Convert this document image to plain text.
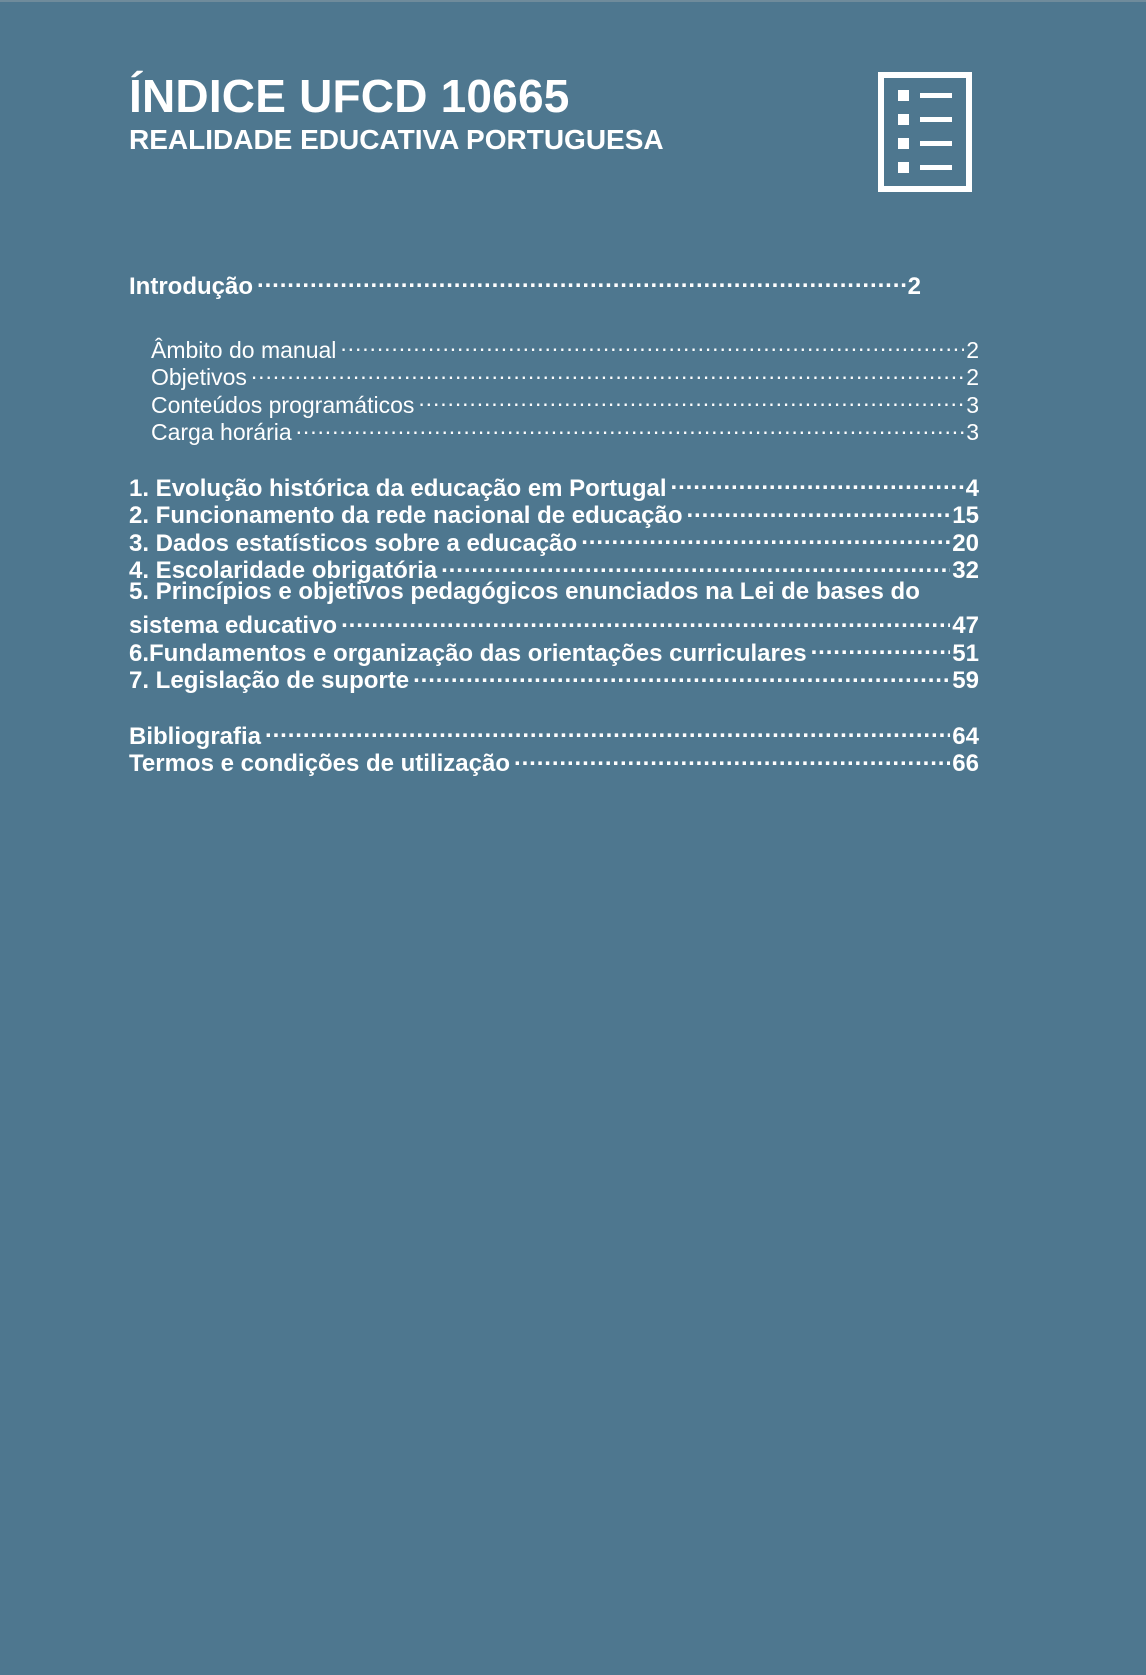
ÍNDICE UFCD 10665
REALIDADE EDUCATIVA PORTUGUESA
Introdução .....	2
Âmbito do manual .....	2
Objetivos .....	2
Conteúdos programáticos .....	3
Carga horária .....	3
1. Evolução histórica da educação em Portugal .....	4
2. Funcionamento da rede nacional de educação .....	15
3. Dados estatísticos sobre a educação .....	20
4. Escolaridade obrigatória .....	32
5. Princípios e objetivos pedagógicos enunciados na Lei de bases do
sistema educativo .....	47
6.Fundamentos e organização das orientações curriculares .....	51
7. Legislação de suporte .....	59
Bibliografia .....	64
Termos e condições de utilização .....	66
